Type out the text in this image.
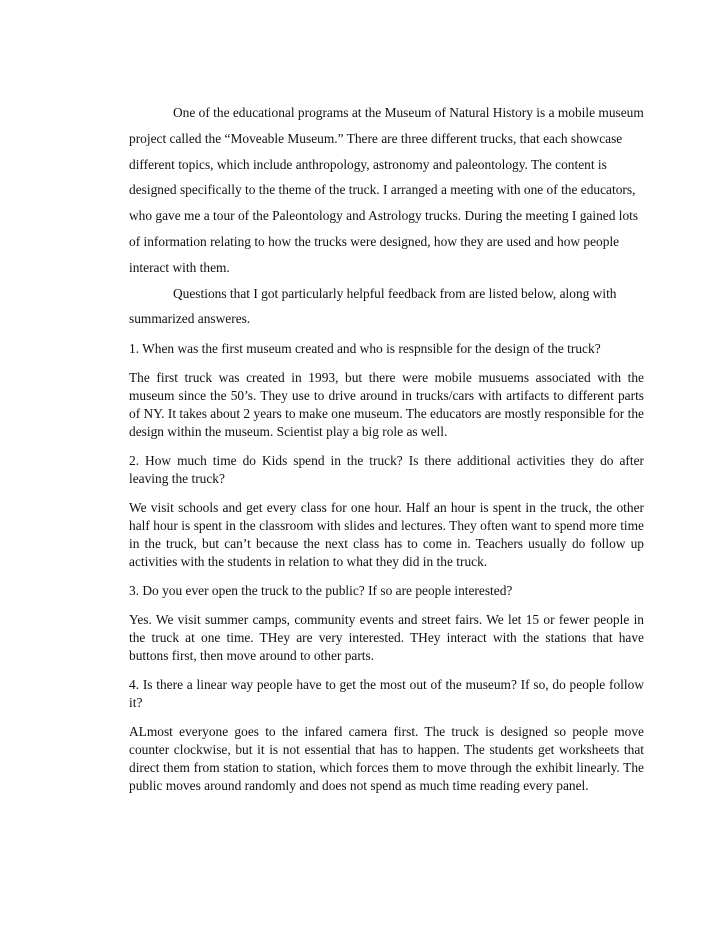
One of the educational programs at the Museum of Natural History is a mobile museum project called the “Moveable Museum.” There are three different trucks, that each showcase different topics, which include anthropology, astronomy and paleontology. The content is designed specifically to the theme of the truck. I arranged a meeting with one of the educators, who gave me a tour of the Paleontology and Astrology trucks. During the meeting I gained lots of information relating to how the trucks were designed, how they are used and how people interact with them.

Questions that I got particularly helpful feedback from are listed below, along with summarized answeres.

1. When was the first museum created and who is respnsible for the design of the truck?

The first truck was created in 1993, but there were mobile musuems associated with the museum since the 50’s. They use to drive around in trucks/cars with artifacts to different parts of NY. It takes about 2 years to make one museum. The educators are mostly responsible for the design within the museum. Scientist play a big role as well.

2. How much time do Kids spend in the truck? Is there additional activities they do after leaving the truck?

We visit schools and get every class for one hour. Half an hour is spent in the truck, the other half hour is spent in the classroom with slides and lectures. They often want to spend more time in the truck, but can’t because the next class has to come in. Teachers usually do follow up activities with the students in relation to what they did in the truck.

3. Do you ever open the truck to the public? If so are people interested?

Yes. We visit summer camps, community events and street fairs. We let 15 or fewer people in the truck at one time. THey are very interested. THey interact with the stations that have buttons first, then move around to other parts.

4. Is there a linear way people have to get the most out of the museum? If so, do people follow it?

ALmost everyone goes to the infared camera first. The truck is designed so people move counter clockwise, but it is not essential that has to happen. The students get worksheets that direct them from station to station, which forces them to move through the exhibit linearly. The public moves around randomly and does not spend as much time reading every panel.
